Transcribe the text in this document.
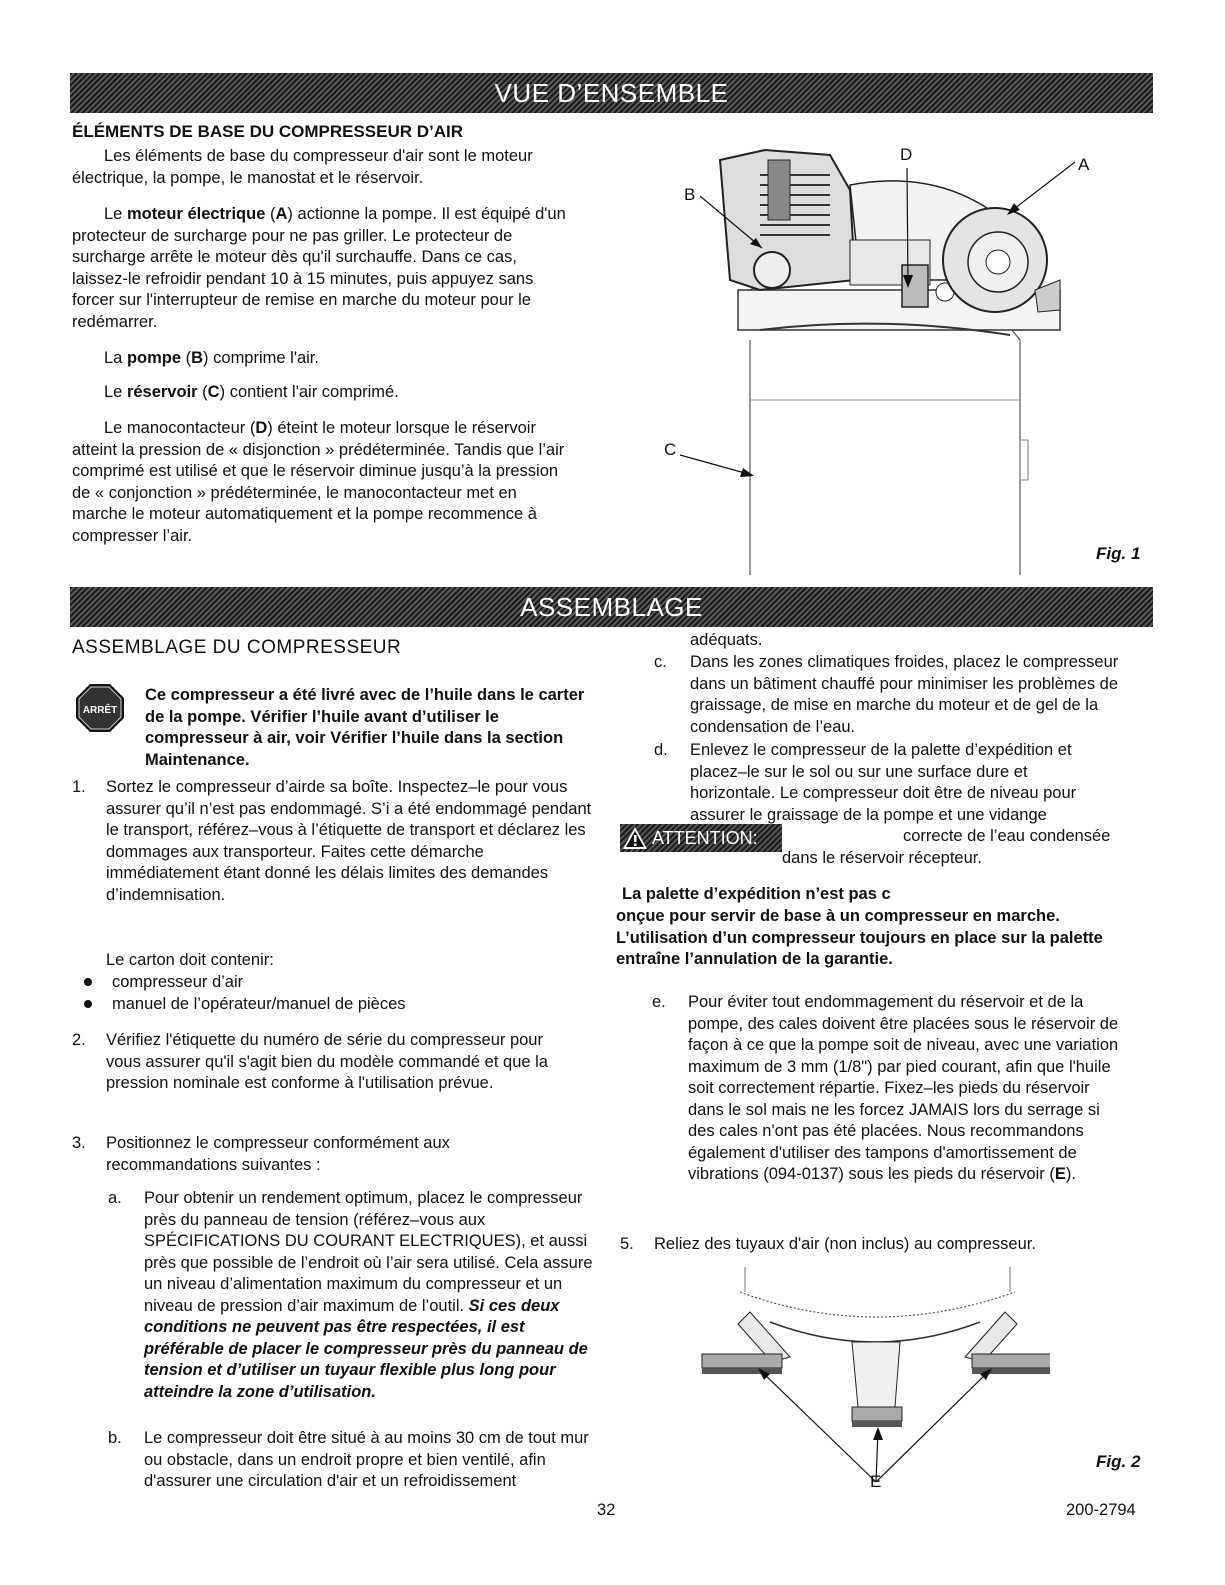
VUE D’ENSEMBLE
ÉLÉMENTS DE BASE DU COMPRESSEUR D’AIR
Les éléments de base du compresseur d'air sont le moteur électrique, la pompe, le manostat et le réservoir.
Le moteur électrique (A) actionne la pompe. Il est équipé d'un protecteur de surcharge pour ne pas griller. Le protecteur de surcharge arrête le moteur dès qu'il surchauffe. Dans ce cas, laissez-le refroidir pendant 10 à 15 minutes, puis appuyez sans forcer sur l'interrupteur de remise en marche du moteur pour le redémarrer.
La pompe (B) comprime l'air.
Le réservoir (C) contient l'air comprimé.
Le manocontacteur (D) éteint le moteur lorsque le réservoir atteint la pression de « disjonction » prédéterminée. Tandis que l’air comprimé est utilisé et que le réservoir diminue jusqu’à la pression de « conjonction » prédéterminée, le manocontacteur met en marche le moteur automatiquement et la pompe recommence à compresser l’air.
B
D
A
C
Fig. 1
ASSEMBLAGE
ASSEMBLAGE DU COMPRESSEUR
ARRÊT
Ce compresseur a été livré avec de l’huile dans le carter de la pompe. Vérifier l’huile avant d’utiliser le compresseur à air, voir Vérifier l’huile dans la section Maintenance.
1.	Sortez le compresseur d’airde sa boîte. Inspectez–le pour vous assurer qu’il n’est pas endommagé. S’i a été endommagé pendant le transport, référez–vous à l’étiquette de transport et déclarez les dommages aux transporteur. Faites cette démarche immédiatement étant donné les délais limites des demandes d’indemnisation.
Le carton doit contenir:
compresseur d’air
manuel de l’opérateur/manuel de pièces
2.	Vérifiez l'étiquette du numéro de série du compresseur pour vous assurer qu'il s'agit bien du modèle commandé et que la pression nominale est conforme à l'utilisation prévue.
3.	Positionnez le compresseur conformément aux recommandations suivantes :
a.	Pour obtenir un rendement optimum, placez le compresseur près du panneau de tension (référez–vous aux SPÉCIFICATIONS DU COURANT ELECTRIQUES), et aussi près que possible de l’endroit où l’air sera utilisé. Cela assure un niveau d’alimentation maximum du compresseur et un niveau de pression d’air maximum de l’outil. Si ces deux conditions ne peuvent pas être respectées, il est préférable de placer le compresseur près du panneau de tension et d’utiliser un tuyaur flexible plus long pour atteindre la zone d’utilisation.
b.	Le compresseur doit être situé à au moins 30 cm de tout mur ou obstacle, dans un endroit propre et bien ventilé, afin d'assurer une circulation d'air et un refroidissement
adéquats.
c.	Dans les zones climatiques froides, placez le compresseur dans un bâtiment chauffé pour minimiser les problèmes de graissage, de mise en marche du moteur et de gel de la condensation de l’eau.
d.	Enlevez le compresseur de la palette d’expédition et placez–le sur le sol ou sur une surface dure et horizontale. Le compresseur doit être de niveau pour assurer le graissage de la pompe et une vidange
ATTENTION:	correcte de l’eau condensée
dans le réservoir récepteur.
La palette d’expédition n’est pas c
onçue pour servir de base à un compresseur en marche. L’utilisation d’un compresseur toujours en place sur la palette entraîne l’annulation de la garantie.
e.	Pour éviter tout endommagement du réservoir et de la pompe, des cales doivent être placées sous le réservoir de façon à ce que la pompe soit de niveau, avec une variation maximum de 3 mm (1/8") par pied courant, afin que l'huile soit correctement répartie. Fixez–les pieds du réservoir dans le sol mais ne les forcez JAMAIS lors du serrage si des cales n'ont pas été placées. Nous recommandons également d'utiliser des tampons d'amortissement de vibrations (094-0137) sous les pieds du réservoir (E).
5.	Reliez des tuyaux d'air (non inclus) au compresseur.
E
Fig. 2
32	200-2794
